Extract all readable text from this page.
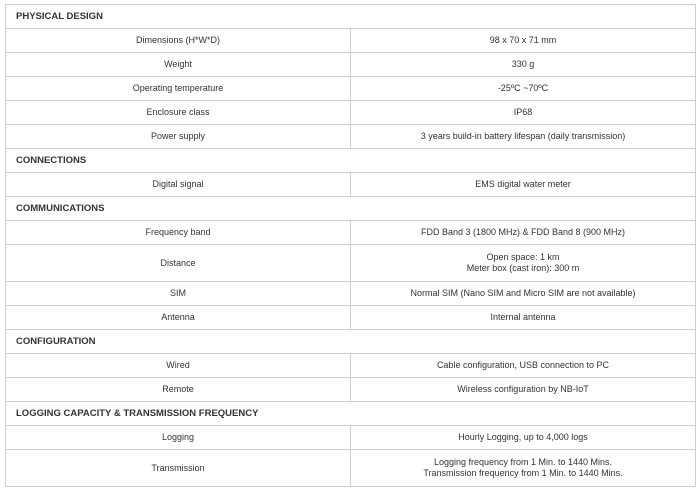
PHYSICAL DESIGN	
Dimensions (H*W*D)	98 x 70 x 71 mm
Weight	330 g
Operating temperature	-25ºC ~70ºC
Enclosure class	IP68
Power supply	3 years build-in battery lifespan (daily transmission)
CONNECTIONS	
Digital signal	EMS digital water meter
COMMUNICATIONS	
Frequency band	FDD Band 3 (1800 MHz) & FDD Band 8 (900 MHz)
Distance	Open space: 1 km
Meter box (cast iron): 300 m

SIM	Normal SIM (Nano SIM and Micro SIM are not available)
Antenna	Internal antenna
CONFIGURATION	
Wired	Cable configuration, USB connection to PC
Remote	Wireless configuration by NB-IoT
LOGGING CAPACITY & TRANSMISSION FREQUENCY	
Logging	Hourly Logging, up to 4,000 logs
Transmission	Logging frequency from 1 Min. to 1440 Mins.
Transmission frequency from 1 Min. to 1440 Mins.
